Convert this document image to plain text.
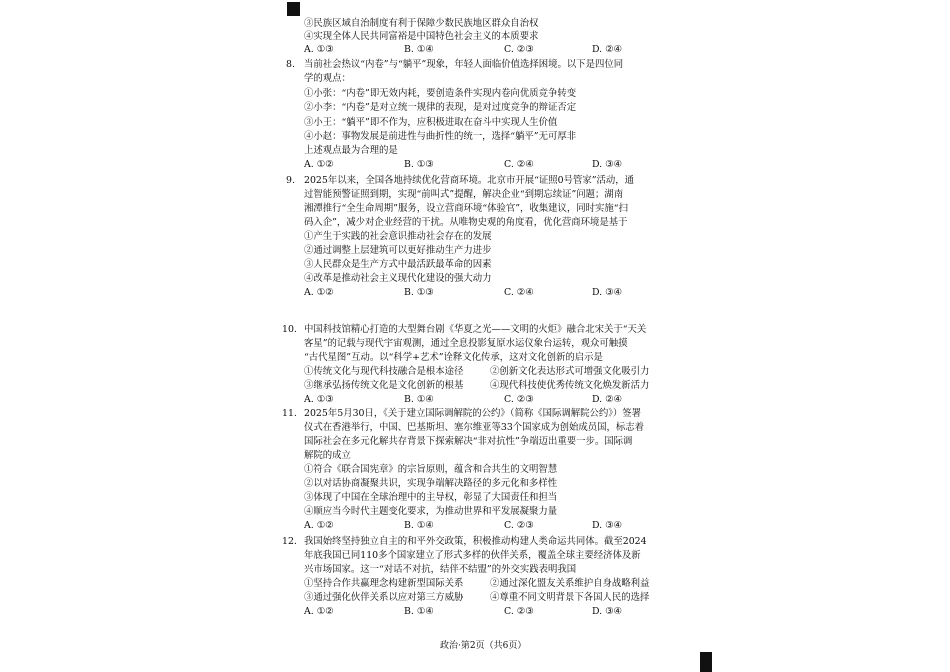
③民族区域自治制度有利于保障少数民族地区群众自治权
④实现全体人民共同富裕是中国特色社会主义的本质要求
A. ①③	B. ①④	C. ②③	D. ②④
8. 当前社会热议“内卷”与“躺平”现象，年轻人面临价值选择困境。以下是四位同
学的观点：
①小张：“内卷”即无效内耗，要创造条件实现内卷向优质竞争转变
②小李：“内卷”是对立统一规律的表现，是对过度竞争的辩证否定
③小王：“躺平”即不作为，应积极进取在奋斗中实现人生价值
④小赵：事物发展是前进性与曲折性的统一，选择“躺平”无可厚非
上述观点最为合理的是
A. ①②	B. ①③	C. ②④	D. ③④
9. 2025年以来，全国各地持续优化营商环境。北京市开展“证照0号管家”活动，通
过智能预警证照到期，实现“前叫式”提醒，解决企业“到期忘续证”问题；湖南
湘潭推行“全生命周期”服务，设立营商环境“体验官”，收集建议，同时实施“扫
码入企”，减少对企业经营的干扰。从唯物史观的角度看，优化营商环境是基于
①产生于实践的社会意识推动社会存在的发展
②通过调整上层建筑可以更好推动生产力进步
③人民群众是生产方式中最活跃最革命的因素
④改革是推动社会主义现代化建设的强大动力
A. ①②	B. ①③	C. ②④	D. ③④
10. 中国科技馆精心打造的大型舞台剧《华夏之光——文明的火炬》融合北宋关于“天关
客星”的记载与现代宇宙观测，通过全息投影复原水运仪象台运转，观众可触摸
“古代星图”互动。以“科学+艺术”诠释文化传承，这对文化创新的启示是
①传统文化与现代科技融合是根本途径	②创新文化表达形式可增强文化吸引力
③继承弘扬传统文化是文化创新的根基	④现代科技使优秀传统文化焕发新活力
A. ①③	B. ①④	C. ②③	D. ②④
11. 2025年5月30日，《关于建立国际调解院的公约》（简称《国际调解院公约》）签署
仪式在香港举行，中国、巴基斯坦、塞尔维亚等33个国家成为创始成员国，标志着
国际社会在多元化解共存背景下探索解决“非对抗性”争端迈出重要一步。国际调
解院的成立
①符合《联合国宪章》的宗旨原则，蕴含和合共生的文明智慧
②以对话协商凝聚共识，实现争端解决路径的多元化和多样性
③体现了中国在全球治理中的主导权，彰显了大国责任和担当
④顺应当今时代主题变化要求，为推动世界和平发展凝聚力量
A. ①②	B. ①④	C. ②③	D. ③④
12. 我国始终坚持独立自主的和平外交政策，积极推动构建人类命运共同体。截至2024
年底我国已同110多个国家建立了形式多样的伙伴关系，覆盖全球主要经济体及新
兴市场国家。这一“对话不对抗，结伴不结盟”的外交实践表明我国
①坚持合作共赢理念构建新型国际关系	②通过深化盟友关系维护自身战略利益
③通过强化伙伴关系以应对第三方威胁	④尊重不同文明背景下各国人民的选择
A. ①②	B. ①④	C. ②③	D. ③④
政治·第2页（共6页）
